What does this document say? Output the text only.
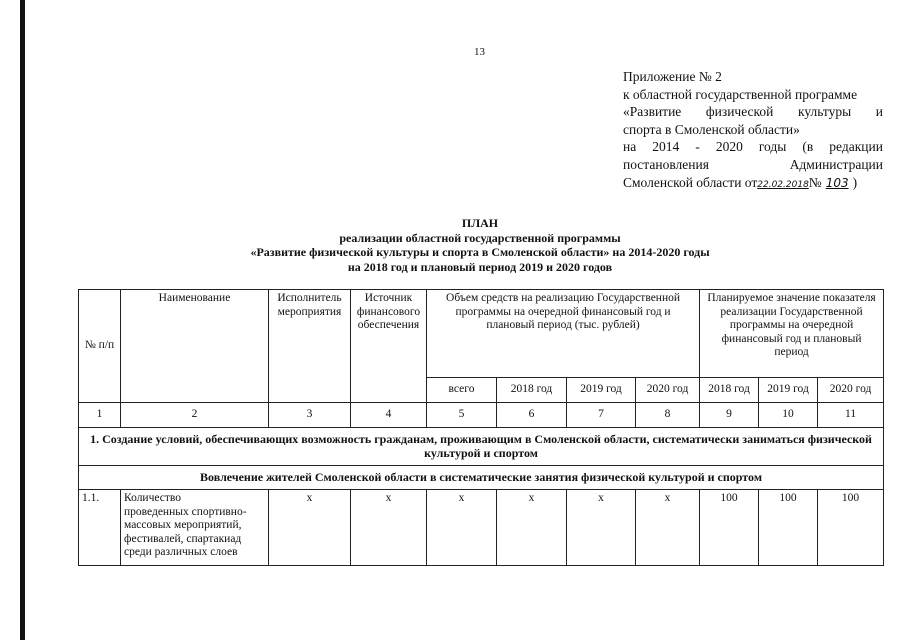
13
Приложение № 2
к областной государственной программе
«Развитие физической культуры и
спорта в Смоленской области»
на 2014 - 2020 годы (в редакции
постановления	Администрации
Смоленской области от22.02.2018№ 103 )
ПЛАН
реализации областной государственной программы
«Развитие физической культуры и спорта в Смоленской области» на 2014-2020 годы
на 2018 год и плановый период 2019 и 2020 годов
№ п/п	Наименование	Исполнитель мероприятия	Источник финансового обеспечения	Объем средств на реализацию Государственной программы на очередной финансовый год и плановый период (тыс. рублей)				Планируемое значение показателя реализации Государственной программы на очередной финансовый год и плановый период		
				всего	2018 год	2019 год	2020 год	2018 год	2019 год	2020 год
1	2	3	4	5	6	7	8	9	10	11
1. Создание условий, обеспечивающих возможность гражданам, проживающим в Смоленской области, систематически заниматься физической культурой и спортом										
Вовлечение жителей Смоленской области в систематические занятия физической культурой и спортом										
1.1.	Количество
проведенных спортивно-
массовых мероприятий,
фестивалей, спартакиад
среди различных слоев	х	х	х	х	х	х	100	100	100
